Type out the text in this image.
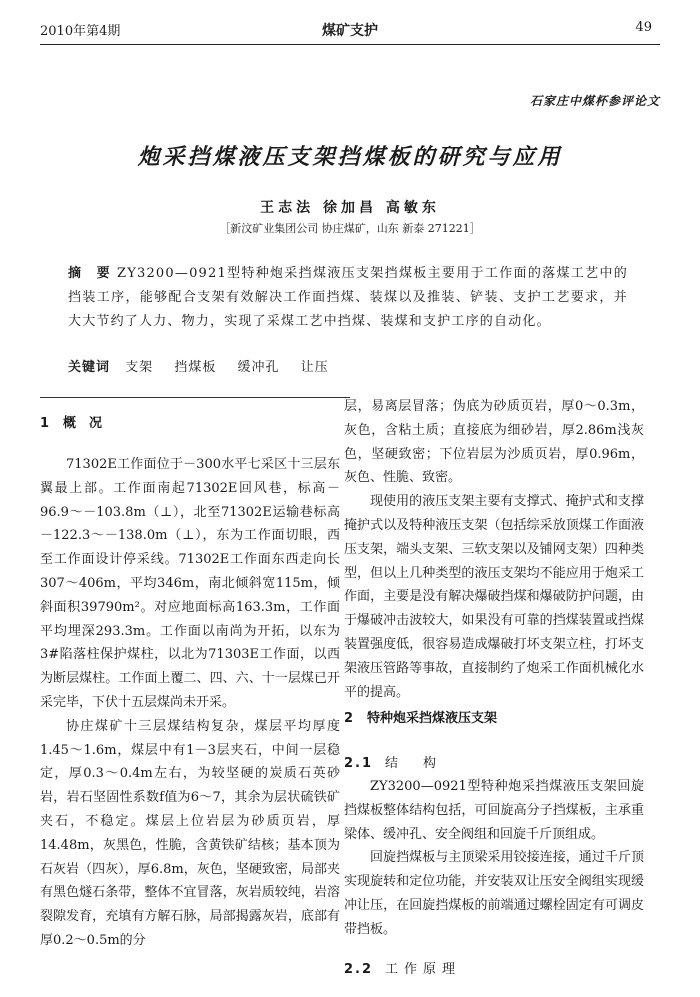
2010年第4期	煤矿支护	49
石家庄中煤杯参评论文
炮采挡煤液压支架挡煤板的研究与应用
王志法 徐加昌 高敏东
［新汶矿业集团公司 协庄煤矿，山东 新泰 271221］
摘　要 ZY3200—0921型特种炮采挡煤液压支架挡煤板主要用于工作面的落煤工艺中的挡装工序，能够配合支架有效解决工作面挡煤、装煤以及推装、铲装、支护工艺要求，并大大节约了人力、物力，实现了采煤工艺中挡煤、装煤和支护工序的自动化。
关键词 支架 挡煤板 缓冲孔 让压
1 概　况

71302E工作面位于－300水平七采区十三层东翼最上部。工作面南起71302E回风巷，标高－96.9～－103.8m（⊥），北至71302E运输巷标高－122.3～－138.0m（⊥），东为工作面切眼，西至工作面设计停采线。71302E工作面东西走向长307～406m，平均346m，南北倾斜宽115m，倾斜面积39790m²。对应地面标高163.3m，工作面平均埋深293.3m。工作面以南尚为开拓，以东为3#陷落柱保护煤柱，以北为71303E工作面，以西为断层煤柱。工作面上覆二、四、六、十一层煤已开采完毕，下伏十五层煤尚未开采。

协庄煤矿十三层煤结构复杂，煤层平均厚度1.45～1.6m，煤层中有1－3层夹石，中间一层稳定，厚0.3～0.4m左右，为较坚硬的炭质石英砂岩，岩石坚固性系数f值为6～7，其余为层状硫铁矿夹石，不稳定。煤层上位岩层为砂质页岩，厚14.48m，灰黑色，性脆，含黄铁矿结核；基本顶为石灰岩（四灰），厚6.8m，灰色，坚硬致密，局部夹有黑色燧石条带，整体不宜冒落，灰岩质较纯，岩溶裂隙发育，充填有方解石脉，局部揭露灰岩，底部有厚0.2～0.5m的分

层，易离层冒落；伪底为砂质页岩，厚0～0.3m，灰色，含粘土质；直接底为细砂岩，厚2.86m浅灰色，坚硬致密；下位岩层为沙质页岩，厚0.96m，灰色、性脆、致密。

现使用的液压支架主要有支撑式、掩护式和支撑掩护式以及特种液压支架（包括综采放顶煤工作面液压支架，端头支架、三软支架以及铺网支架）四种类型，但以上几种类型的液压支架均不能应用于炮采工作面，主要是没有解决爆破挡煤和爆破防护问题，由于爆破冲击波较大，如果没有可靠的挡煤装置或挡煤装置强度低，很容易造成爆破打坏支架立柱，打坏支架液压管路等事故，直接制约了炮采工作面机械化水平的提高。

2 特种炮采挡煤液压支架
2.1 结　构

ZY3200—0921型特种炮采挡煤液压支架回旋挡煤板整体结构包括，可回旋高分子挡煤板，主承重梁体、缓冲孔、安全阀组和回旋千斤顶组成。

回旋挡煤板与主顶梁采用铰接连接，通过千斤顶实现旋转和定位功能，并安装双让压安全阀组实现缓冲让压，在回旋挡煤板的前端通过螺栓固定有可调皮带挡板。

2.2 工作原理
